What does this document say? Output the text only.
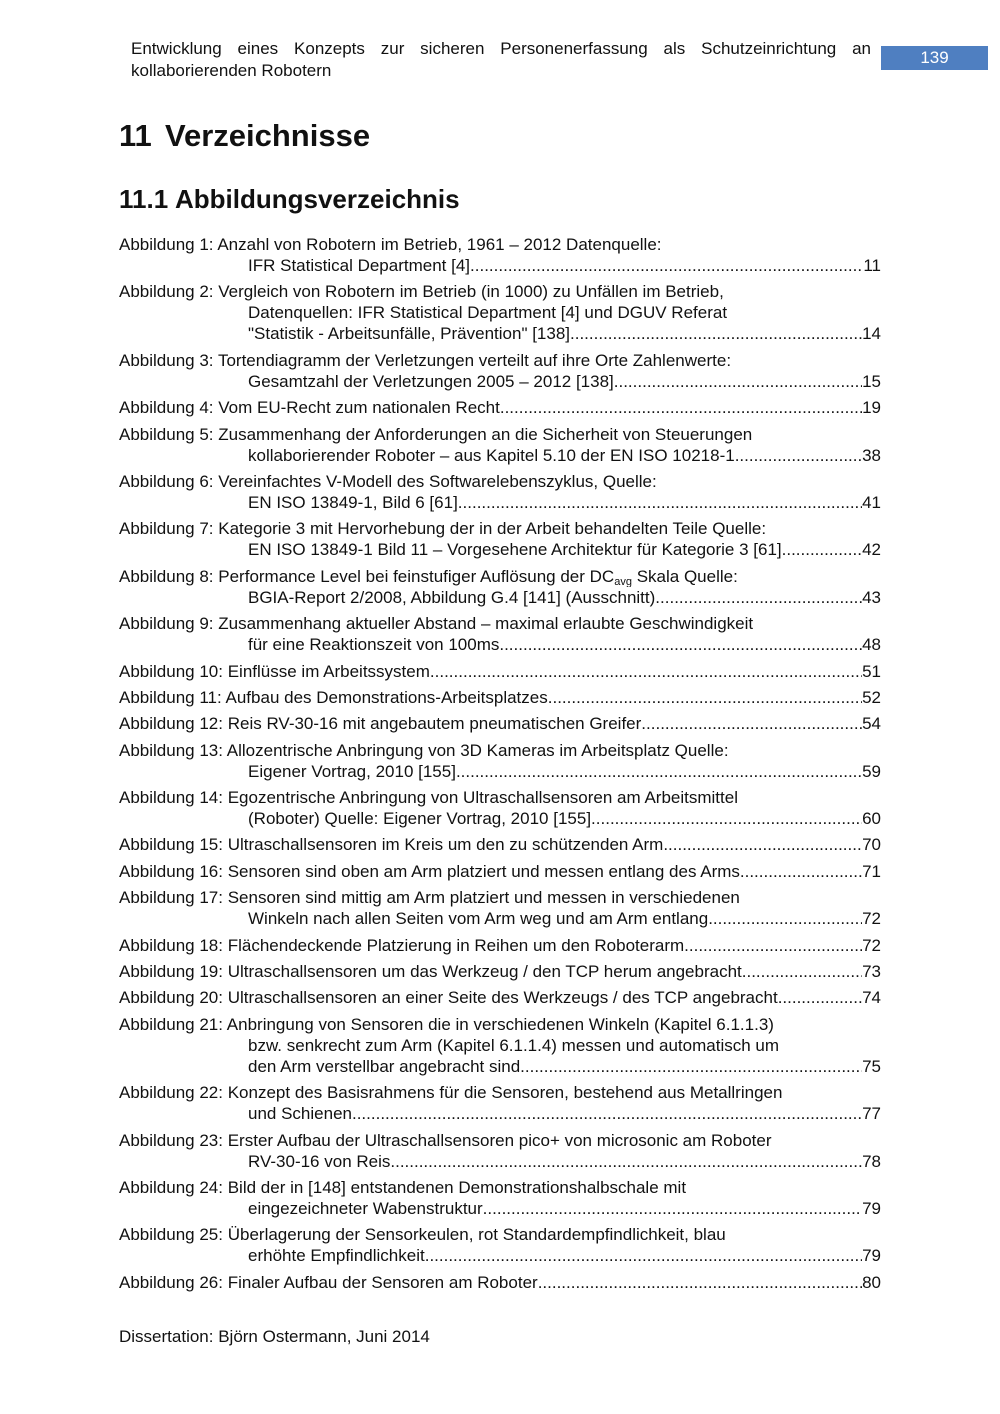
Entwicklung eines Konzepts zur sicheren Personenerfassung als Schutzeinrichtung an kollaborierenden Robotern
139
11 Verzeichnisse
11.1 Abbildungsverzeichnis
Abbildung 1: Anzahl von Robotern im Betrieb, 1961 – 2012 Datenquelle:
IFR Statistical Department [4] .....	11
Abbildung 2: Vergleich von Robotern im Betrieb (in 1000) zu Unfällen im Betrieb,
Datenquellen: IFR Statistical Department [4] und DGUV Referat
"Statistik - Arbeitsunfälle, Prävention" [138] .....	14
Abbildung 3: Tortendiagramm der Verletzungen verteilt auf ihre Orte Zahlenwerte:
Gesamtzahl der Verletzungen 2005 – 2012 [138] .....	15
Abbildung 4: Vom EU-Recht zum nationalen Recht .....	19
Abbildung 5: Zusammenhang der Anforderungen an die Sicherheit von Steuerungen
kollaborierender Roboter – aus Kapitel 5.10 der EN ISO 10218-1 .....	38
Abbildung 6: Vereinfachtes V-Modell des Softwarelebenszyklus, Quelle:
EN ISO 13849-1, Bild 6 [61] .....	41
Abbildung 7: Kategorie 3 mit Hervorhebung der in der Arbeit behandelten Teile Quelle:
EN ISO 13849-1 Bild 11 – Vorgesehene Architektur für Kategorie 3 [61] .....	42
Abbildung 8: Performance Level bei feinstufiger Auflösung der $DC_{avg}$ Skala Quelle:
BGIA-Report 2/2008, Abbildung G.4 [141] (Ausschnitt) .....	43
Abbildung 9: Zusammenhang aktueller Abstand – maximal erlaubte Geschwindigkeit
für eine Reaktionszeit von 100ms .....	48
Abbildung 10: Einflüsse im Arbeitssystem .....	51
Abbildung 11: Aufbau des Demonstrations-Arbeitsplatzes .....	52
Abbildung 12: Reis RV-30-16 mit angebautem pneumatischen Greifer .....	54
Abbildung 13: Allozentrische Anbringung von 3D Kameras im Arbeitsplatz Quelle:
Eigener Vortrag, 2010 [155] .....	59
Abbildung 14: Egozentrische Anbringung von Ultraschallsensoren am Arbeitsmittel
(Roboter) Quelle: Eigener Vortrag, 2010 [155] .....	60
Abbildung 15: Ultraschallsensoren im Kreis um den zu schützenden Arm .....	70
Abbildung 16: Sensoren sind oben am Arm platziert und messen entlang des Arms .....	71
Abbildung 17: Sensoren sind mittig am Arm platziert und messen in verschiedenen
Winkeln nach allen Seiten vom Arm weg und am Arm entlang .....	72
Abbildung 18: Flächendeckende Platzierung in Reihen um den Roboterarm .....	72
Abbildung 19: Ultraschallsensoren um das Werkzeug / den TCP herum angebracht .....	73
Abbildung 20: Ultraschallsensoren an einer Seite des Werkzeugs / des TCP angebracht .....	74
Abbildung 21: Anbringung von Sensoren die in verschiedenen Winkeln (Kapitel 6.1.1.3)
bzw. senkrecht zum Arm (Kapitel 6.1.1.4) messen und automatisch um
den Arm verstellbar angebracht sind .....	75
Abbildung 22: Konzept des Basisrahmens für die Sensoren, bestehend aus Metallringen
und Schienen .....	77
Abbildung 23: Erster Aufbau der Ultraschallsensoren pico+ von microsonic am Roboter
RV-30-16 von Reis .....	78
Abbildung 24: Bild der in [148] entstandenen Demonstrationshalbschale mit
eingezeichneter Wabenstruktur .....	79
Abbildung 25: Überlagerung der Sensorkeulen, rot Standardempfindlichkeit, blau
erhöhte Empfindlichkeit .....	79
Abbildung 26: Finaler Aufbau der Sensoren am Roboter .....	80
Dissertation: Björn Ostermann, Juni 2014
